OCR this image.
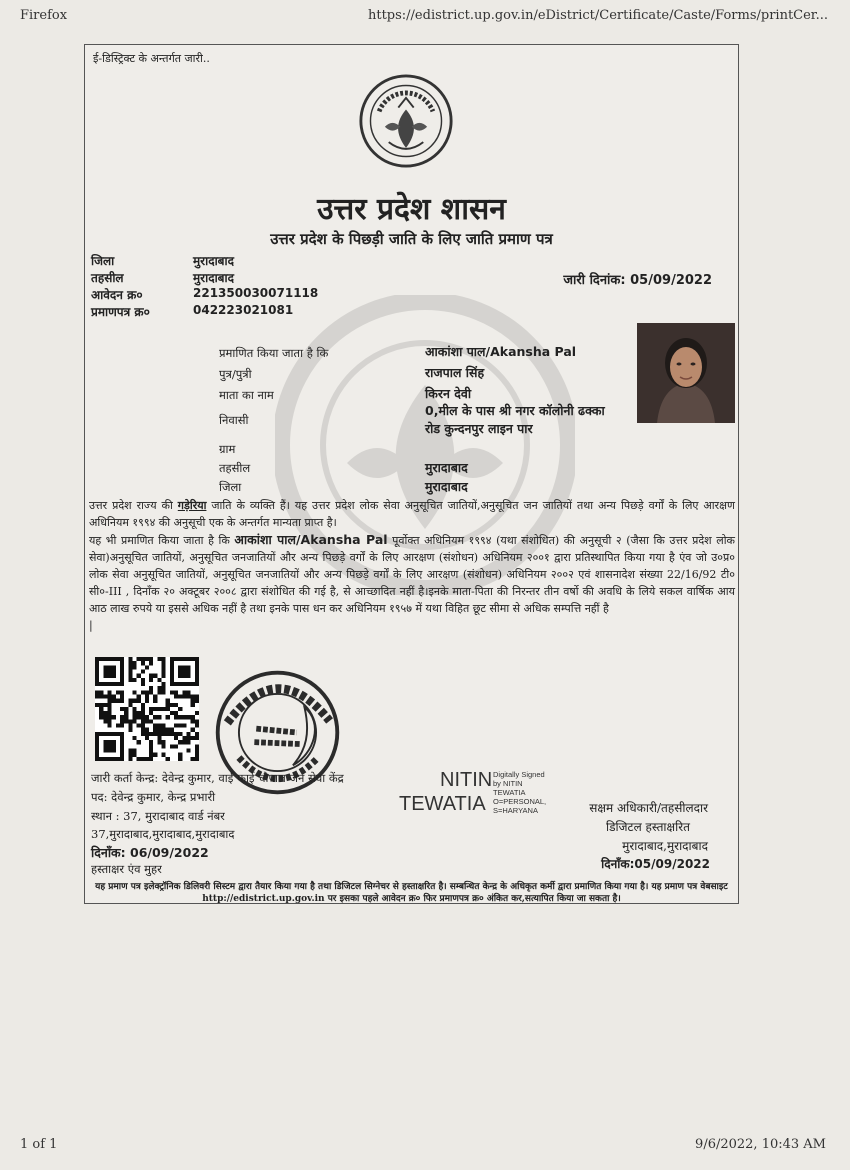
Firefox	https://edistrict.up.gov.in/eDistrict/Certificate/Caste/Forms/printCer...
ई-डिस्ट्रिक्ट के अन्तर्गत जारी..
उत्तर प्रदेश शासन
उत्तर प्रदेश के पिछड़ी जाति के लिए जाति प्रमाण पत्र
जिला	मुरादाबाद
तहसील	मुरादाबाद
आवेदन क्र०	221350030071118
प्रमाणपत्र क्र०	042223021081
जारी दिनांक: 05/09/2022
प्रमाणित किया जाता है कि	आकांशा पाल/Akansha Pal
पुत्र/पुत्री	राजपाल सिंह
माता का नाम	किरन देवी
निवासी
0,मील के पास श्री नगर कॉलोनी ढक्का
रोड कुन्दनपुर लाइन पार
ग्राम
तहसील	मुरादाबाद
जिला	मुरादाबाद

उत्तर प्रदेश राज्य की गड़ेरिया जाति के व्यक्ति हैं। यह उत्तर प्रदेश लोक सेवा अनुसूचित जातियों,अनुसूचित जन जातियों तथा अन्य पिछड़े वर्गों के लिए आरक्षण अधिनियम १९९४ की अनुसूची एक के अन्तर्गत मान्यता प्राप्त है।

यह भी प्रमाणित किया जाता है कि आकांशा पाल/Akansha Pal पूर्वोक्त अधिनियम १९९४ (यथा संशोधित) की अनुसूची २ (जैसा कि उत्तर प्रदेश लोक सेवा)अनुसूचित जातियों, अनुसूचित जनजातियों और अन्य पिछड़े वर्गों के लिए आरक्षण (संशोधन) अधिनियम २००१ द्वारा प्रतिस्थापित किया गया है एंव जो उ०प्र० लोक सेवा अनुसूचित जातियों, अनुसूचित जनजातियों और अन्य पिछड़े वर्गों के लिए आरक्षण (संशोधन) अधिनियम २००२ एवं शासनादेश संख्या 22/16/92 टी० सी०-III , दिनाँक २० अक्टूबर २००८ द्वारा संशोधित की गई है, से आच्छादित नहीं है।इनके माता-पिता की निरन्तर तीन वर्षो की अवधि के लिये सकल वार्षिक आय आठ लाख रुपये या इससे अधिक नहीं है तथा इनके पास धन कर अधिनियम १९५७ में यथा विहित छूट सीमा से अधिक सम्पत्ति नहीं है

|

जारी कर्ता केन्द्र: देवेन्द्र कुमार, वाई फाई चौपाल जन सेवा केंद्र
पद: देवेन्द्र कुमार, केन्द्र प्रभारी
स्थान : 37, मुरादाबाद वार्ड नंबर
37,मुरादाबाद,मुरादाबाद,मुरादाबाद
दिनाँक: 06/09/2022
हस्ताक्षर एंव मुहर
NITIN
TEWATIA
Digitally Signed
by NITIN
TEWATIA
O=PERSONAL,
S=HARYANA	सक्षम अधिकारी/तहसीलदार
डिजिटल हस्ताक्षरित
मुरादाबाद,मुरादाबाद
दिनाँक:05/09/2022
यह प्रमाण पत्र इलेक्ट्रॉनिक डिलिवरी सिस्टम द्वारा तैयार किया गया है तथा डिजिटल सिग्नेचर से हस्ताक्षरित है। सम्बन्धित केन्द्र के अधिकृत कर्मी द्वारा प्रमाणित किया गया है। यह प्रमाण पत्र वेबसाइट http://edistrict.up.gov.in पर इसका पहले आवेदन क्र० फिर प्रमाणपत्र क्र० अंकित कर,सत्यापित किया जा सकता है।
1 of 1	9/6/2022, 10:43 AM
